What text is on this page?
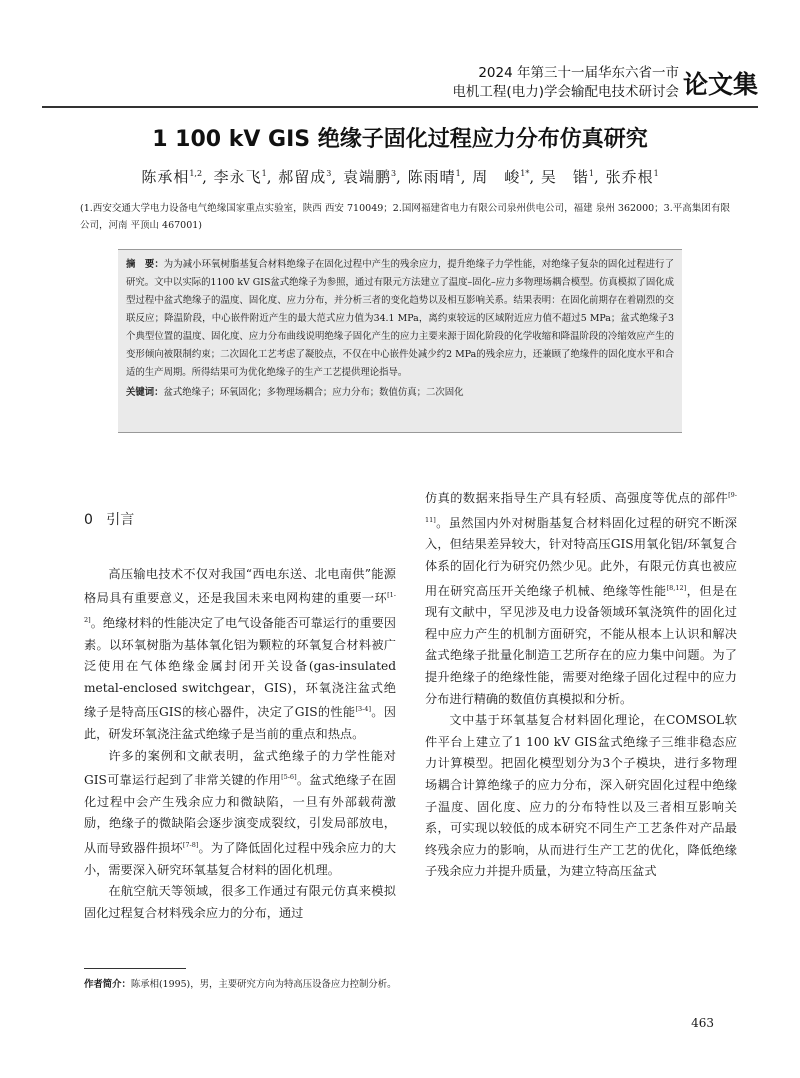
2024 年第三十一届华东六省一市
电机工程(电力)学会输配电技术研讨会 论文集
1 100 kV GIS 绝缘子固化过程应力分布仿真研究
陈承相$^{1,2}$, 李永飞$^1$, 郝留成$^3$, 袁端鹏$^3$, 陈雨晴$^1$, 周　峻$^{1*}$, 吴　锴$^1$, 张乔根$^1$
(1.西安交通大学电力设备电气绝缘国家重点实验室，陕西 西安 710049；2.国网福建省电力有限公司泉州供电公司，福建 泉州 362000；3.平高集团有限公司，河南 平顶山 467001)
摘　要：为为减小环氧树脂基复合材料绝缘子在固化过程中产生的残余应力，提升绝缘子力学性能，对绝缘子复杂的固化过程进行了研究。文中以实际的1100 kV GIS盆式绝缘子为参照，通过有限元方法建立了温度–固化–应力多物理场耦合模型。仿真模拟了固化成型过程中盆式绝缘子的温度、固化度、应力分布，并分析三者的变化趋势以及相互影响关系。结果表明：在固化前期存在着剧烈的交联反应；降温阶段，中心嵌件附近产生的最大范式应力值为34.1 MPa，离约束较远的区域附近应力值不超过5 MPa；盆式绝缘子3个典型位置的温度、固化度、应力分布曲线说明绝缘子固化产生的应力主要来源于固化阶段的化学收缩和降温阶段的冷缩效应产生的变形倾向被限制约束；二次固化工艺考虑了凝胶点，不仅在中心嵌件处减少约2 MPa的残余应力，还兼顾了绝缘件的固化度水平和合适的生产周期。所得结果可为优化绝缘子的生产工艺提供理论指导。
关键词：盆式绝缘子；环氧固化；多物理场耦合；应力分布；数值仿真；二次固化
0 引言

高压输电技术不仅对我国“西电东送、北电南供”能源格局具有重要意义，还是我国未来电网构建的重要一环[1-2]。绝缘材料的性能决定了电气设备能否可靠运行的重要因素。以环氧树脂为基体氧化铝为颗粒的环氧复合材料被广泛使用在气体绝缘金属封闭开关设备(gas-insulated metal-enclosed switchgear，GIS)，环氧浇注盆式绝缘子是特高压GIS的核心器件，决定了GIS的性能[3-4]。因此，研发环氧浇注盆式绝缘子是当前的重点和热点。

许多的案例和文献表明，盆式绝缘子的力学性能对GIS可靠运行起到了非常关键的作用[5-6]。盆式绝缘子在固化过程中会产生残余应力和微缺陷，一旦有外部载荷激励，绝缘子的微缺陷会逐步演变成裂纹，引发局部放电，从而导致器件损坏[7-8]。为了降低固化过程中残余应力的大小，需要深入研究环氧基复合材料的固化机理。

在航空航天等领域，很多工作通过有限元仿真来模拟固化过程复合材料残余应力的分布，通过

仿真的数据来指导生产具有轻质、高强度等优点的部件[9-11]。虽然国内外对树脂基复合材料固化过程的研究不断深入，但结果差异较大，针对特高压GIS用氧化铝/环氧复合体系的固化行为研究仍然少见。此外，有限元仿真也被应用在研究高压开关绝缘子机械、绝缘等性能[8,12]，但是在现有文献中，罕见涉及电力设备领域环氧浇筑件的固化过程中应力产生的机制方面研究，不能从根本上认识和解决盆式绝缘子批量化制造工艺所存在的应力集中问题。为了提升绝缘子的绝缘性能，需要对绝缘子固化过程中的应力分布进行精确的数值仿真模拟和分析。

文中基于环氧基复合材料固化理论，在COMSOL软件平台上建立了1 100 kV GIS盆式绝缘子三维非稳态应力计算模型。把固化模型划分为3个子模块，进行多物理场耦合计算绝缘子的应力分布，深入研究固化过程中绝缘子温度、固化度、应力的分布特性以及三者相互影响关系，可实现以较低的成本研究不同生产工艺条件对产品最终残余应力的影响，从而进行生产工艺的优化，降低绝缘子残余应力并提升质量，为建立特高压盆式

作者简介：陈承相(1995)，男，主要研究方向为特高压设备应力控制分析。
463
